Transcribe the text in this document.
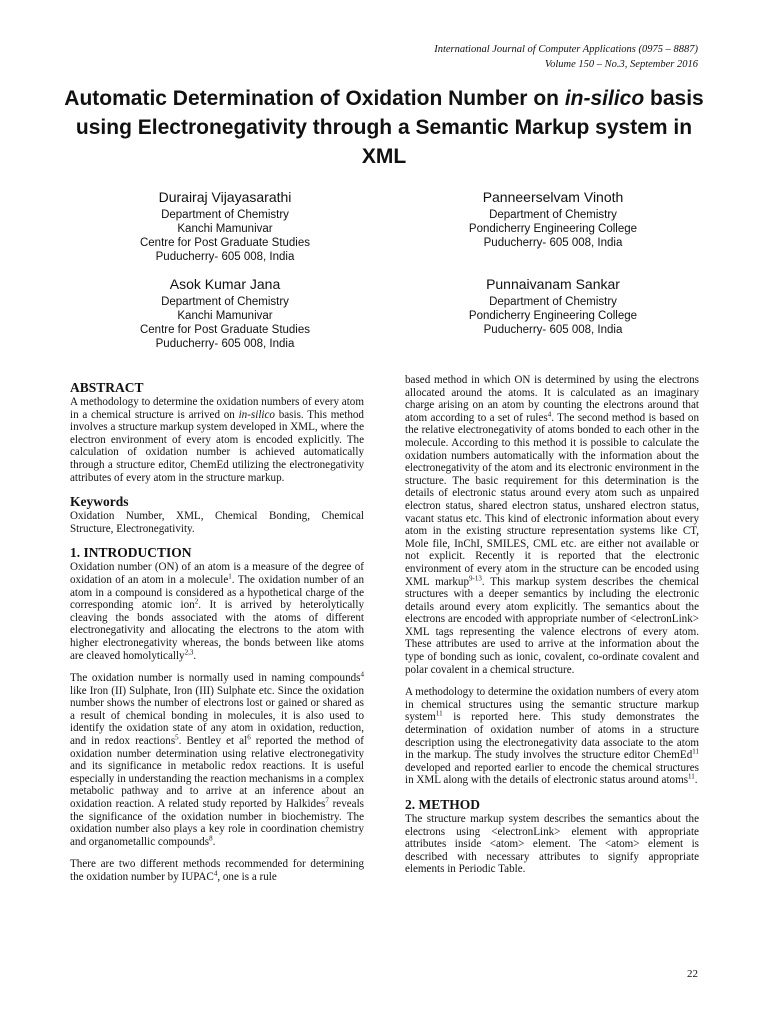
International Journal of Computer Applications (0975 – 8887)
Volume 150 – No.3, September 2016
Automatic Determination of Oxidation Number on in-silico basis using Electronegativity through a Semantic Markup system in XML
Durairaj Vijayasarathi
Department of Chemistry
Kanchi Mamunivar
Centre for Post Graduate Studies
Puducherry- 605 008, India
Panneerselvam Vinoth
Department of Chemistry
Pondicherry Engineering College
Puducherry- 605 008, India
Asok Kumar Jana
Department of Chemistry
Kanchi Mamunivar
Centre for Post Graduate Studies
Puducherry- 605 008, India
Punnaivanam Sankar
Department of Chemistry
Pondicherry Engineering College
Puducherry- 605 008, India
ABSTRACT

A methodology to determine the oxidation numbers of every atom in a chemical structure is arrived on in-silico basis. This method involves a structure markup system developed in XML, where the electron environment of every atom is encoded explicitly. The calculation of oxidation number is achieved automatically through a structure editor, ChemEd utilizing the electronegativity attributes of every atom in the structure markup.

Keywords

Oxidation Number, XML, Chemical Bonding, Chemical Structure, Electronegativity.

1. INTRODUCTION

Oxidation number (ON) of an atom is a measure of the degree of oxidation of an atom in a molecule$^1$. The oxidation number of an atom in a compound is considered as a hypothetical charge of the corresponding atomic ion$^2$. It is arrived by heterolytically cleaving the bonds associated with the atoms of different electronegativity and allocating the electrons to the atom with higher electronegativity whereas, the bonds between like atoms are cleaved homolytically$^{2,3}$.

The oxidation number is normally used in naming compounds$^4$ like Iron (II) Sulphate, Iron (III) Sulphate etc. Since the oxidation number shows the number of electrons lost or gained or shared as a result of chemical bonding in molecules, it is also used to identify the oxidation state of any atom in oxidation, reduction, and in redox reactions$^5$. Bentley et $al^6$ reported the method of oxidation number determination using relative electronegativity and its significance in metabolic redox reactions. It is useful especially in understanding the reaction mechanisms in a complex metabolic pathway and to arrive at an inference about an oxidation reaction. A related study reported by Halkides$^7$ reveals the significance of the oxidation number in biochemistry. The oxidation number also plays a key role in coordination chemistry and organometallic compounds$^8$.

There are two different methods recommended for determining the oxidation number by IUPAC$^4$, one is a rule

based method in which ON is determined by using the electrons allocated around the atoms. It is calculated as an imaginary charge arising on an atom by counting the electrons around that atom according to a set of rules$^4$. The second method is based on the relative electronegativity of atoms bonded to each other in the molecule. According to this method it is possible to calculate the oxidation numbers automatically with the information about the electronegativity of the atom and its electronic environment in the structure. The basic requirement for this determination is the details of electronic status around every atom such as unpaired electron status, shared electron status, unshared electron status, vacant status etc. This kind of electronic information about every atom in the existing structure representation systems like CT, Mole file, InChI, SMILES, CML etc. are either not available or not explicit. Recently it is reported that the electronic environment of every atom in the structure can be encoded using XML markup$^{9-13}$. This markup system describes the chemical structures with a deeper semantics by including the electronic details around every atom explicitly. The semantics about the electrons are encoded with appropriate number of <electronLink> XML tags representing the valence electrons of every atom. These attributes are used to arrive at the information about the type of bonding such as ionic, covalent, co-ordinate covalent and polar covalent in a chemical structure.

A methodology to determine the oxidation numbers of every atom in chemical structures using the semantic structure markup system$^{11}$ is reported here. This study demonstrates the determination of oxidation number of atoms in a structure description using the electronegativity data associate to the atom in the markup. The study involves the structure editor ChemEd$^{11}$ developed and reported earlier to encode the chemical structures in XML along with the details of electronic status around atoms$^{11}$.

2. METHOD

The structure markup system describes the semantics about the electrons using <electronLink> element with appropriate attributes inside <atom> element. The <atom> element is described with necessary attributes to signify appropriate elements in Periodic Table.

22
